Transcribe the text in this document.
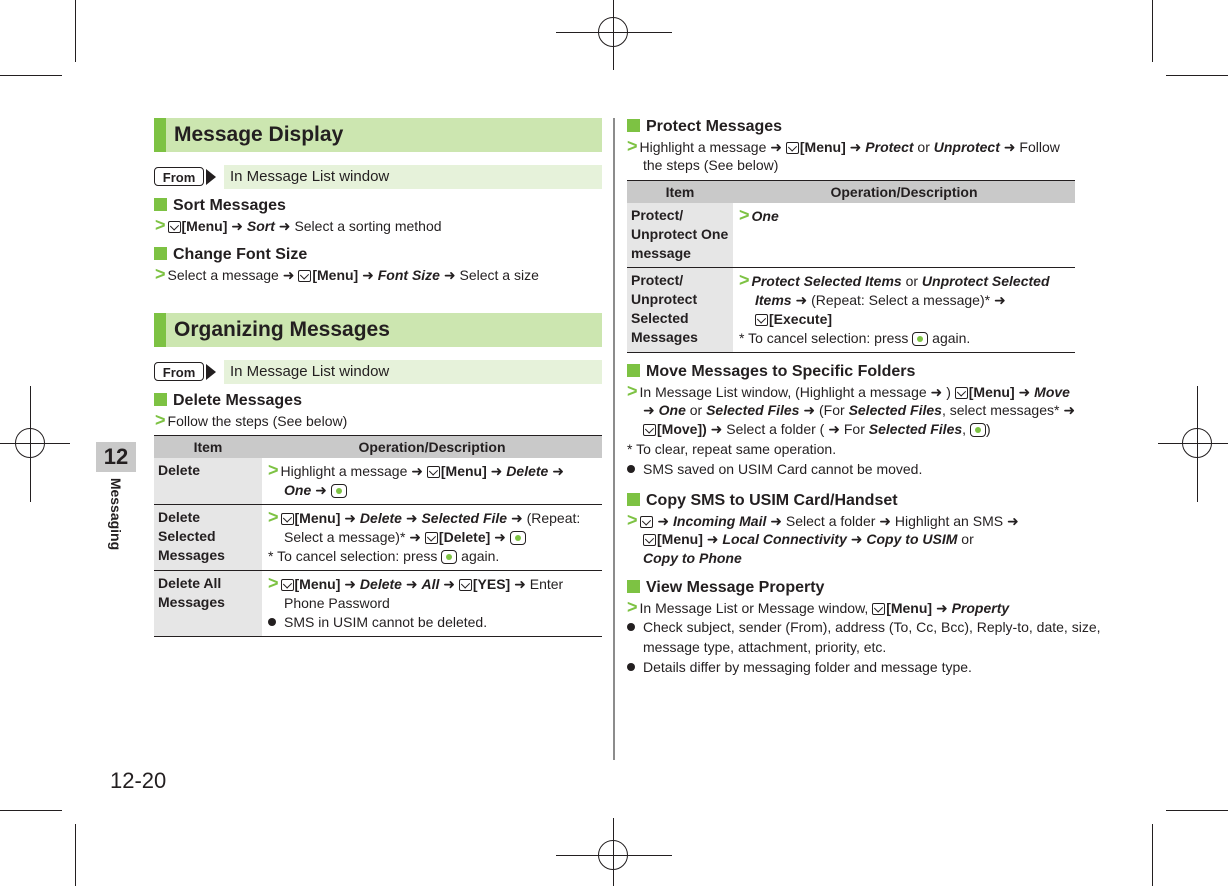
12
Messaging
12-20
Message Display
From	In Message List window
Sort Messages
> [Menu] ➜ Sort ➜ Select a sorting method
Change Font Size
> Select a message ➜ [Menu] ➜ Font Size ➜ Select a size
Organizing Messages
From	In Message List window
Delete Messages
> Follow the steps (See below)
Item	Operation/Description
Delete	> Highlight a message ➜ [Menu] ➜ Delete ➜
One ➜
Delete Selected Messages	> [Menu] ➜ Delete ➜ Selected File ➜ (Repeat:
Select a message)* ➜ [Delete] ➜
* To cancel selection: press again.
Delete All Messages	> [Menu] ➜ Delete ➜ All ➜ [YES] ➜ Enter
Phone Password
SMS in USIM cannot be deleted.
Protect Messages
> Highlight a message ➜ [Menu] ➜ Protect or Unprotect ➜ Follow
the steps (See below)
Item	Operation/Description
Protect/ Unprotect One message	> One
Protect/ Unprotect Selected Messages	> Protect Selected Items or Unprotect Selected
Items ➜ (Repeat: Select a message)* ➜
[Execute]
* To cancel selection: press again.
Move Messages to Specific Folders
> In Message List window, (Highlight a message ➜ ) [Menu] ➜ Move
➜ One or Selected Files ➜ (For Selected Files, select messages* ➜
[Move]) ➜ Select a folder ( ➜ For Selected Files, )
* To clear, repeat same operation.
SMS saved on USIM Card cannot be moved.
Copy SMS to USIM Card/Handset
> ➜ Incoming Mail ➜ Select a folder ➜ Highlight an SMS ➜
[Menu] ➜ Local Connectivity ➜ Copy to USIM or
Copy to Phone
View Message Property
> In Message List or Message window, [Menu] ➜ Property
Check subject, sender (From), address (To, Cc, Bcc), Reply-to, date, size,
message type, attachment, priority, etc.
Details differ by messaging folder and message type.
